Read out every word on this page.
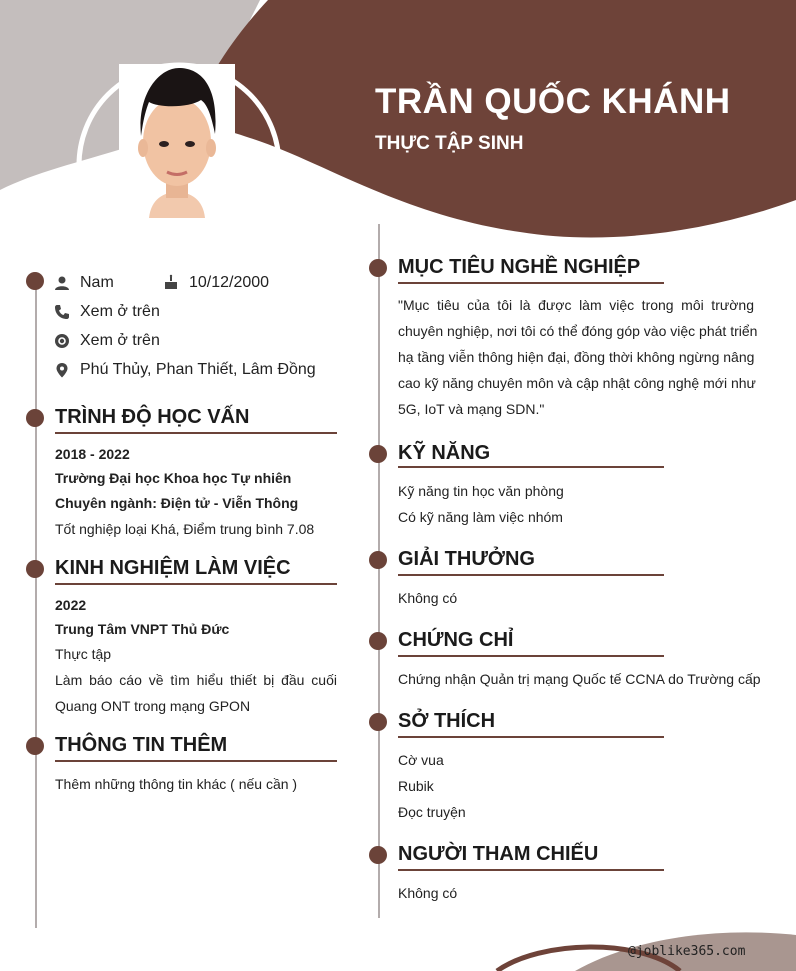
TRẦN QUỐC KHÁNH
THỰC TẬP SINH
Nam	10/12/2000
Xem ở trên
Xem ở trên
Phú Thủy, Phan Thiết, Lâm Đồng
TRÌNH ĐỘ HỌC VẤN
2018 - 2022
Trường Đại học Khoa học Tự nhiên
Chuyên ngành: Điện tử - Viễn Thông
Tốt nghiệp loại Khá, Điểm trung bình 7.08
KINH NGHIỆM LÀM VIỆC
2022
Trung Tâm VNPT Thủ Đức
Thực tập
Làm báo cáo về tìm hiểu thiết bị đầu cuối
Quang ONT trong mạng GPON
THÔNG TIN THÊM
Thêm những thông tin khác ( nếu cần )
MỤC TIÊU NGHỀ NGHIỆP
"Mục tiêu của tôi là được làm việc trong môi trường
chuyên nghiệp, nơi tôi có thể đóng góp vào việc phát triển
hạ tầng viễn thông hiện đại, đồng thời không ngừng nâng
cao kỹ năng chuyên môn và cập nhật công nghệ mới như
5G, IoT và mạng SDN."
KỸ NĂNG
Kỹ năng tin học văn phòng
Có kỹ năng làm việc nhóm
GIẢI THƯỞNG
Không có
CHỨNG CHỈ
Chứng nhận Quản trị mạng Quốc tế CCNA do Trường cấp
SỞ THÍCH
Cờ vua
Rubik
Đọc truyện
NGƯỜI THAM CHIẾU
Không có
@joblike365.com
